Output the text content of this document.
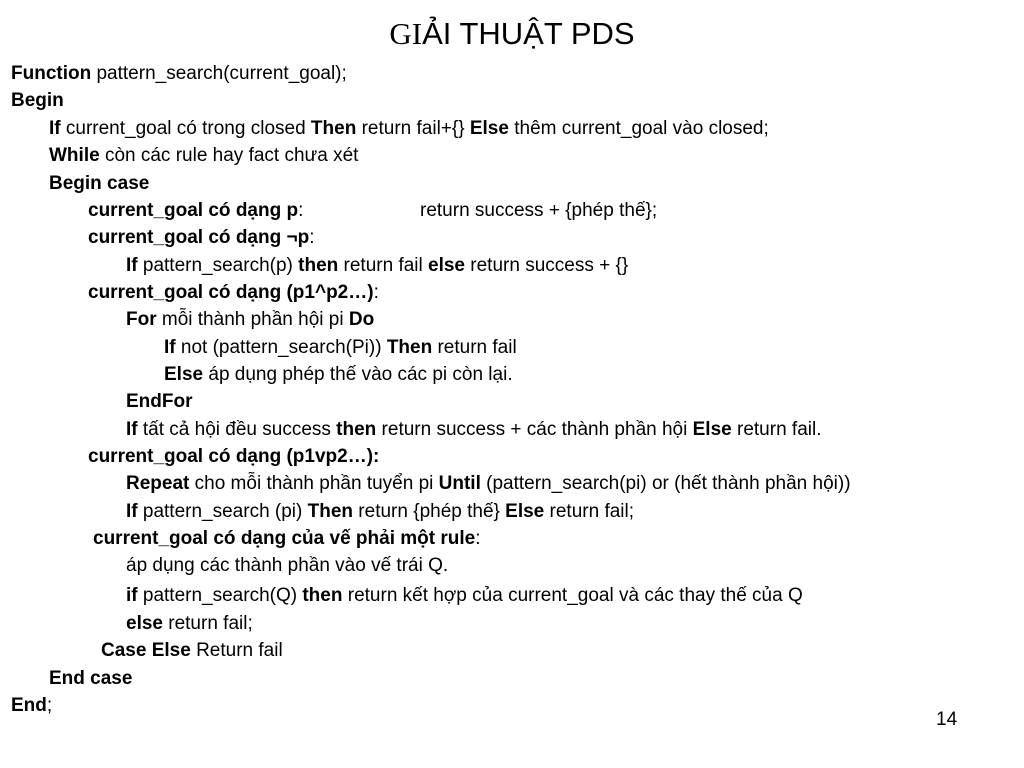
GIẢI THUẬT PDS
Function pattern_search(current_goal);
Begin
If current_goal có trong closed Then return fail+{} Else thêm current_goal vào closed;
While còn các rule hay fact chưa xét
Begin case
current_goal có dạng p:	return success + {phép thế};
current_goal có dạng ¬p:
If pattern_search(p) then return fail else return success + {}
current_goal có dạng (p1^p2…):
For mỗi thành phần hội pi Do
If not (pattern_search(Pi)) Then return fail
Else áp dụng phép thế vào các pi còn lại.
EndFor
If tất cả hội đều success then return success + các thành phần hội Else return fail.
current_goal có dạng (p1vp2…):
Repeat cho mỗi thành phần tuyển pi Until (pattern_search(pi) or (hết thành phần hội))
If pattern_search (pi) Then return {phép thế} Else return fail;
current_goal có dạng của vế phải một rule:
áp dụng các thành phần vào vế trái Q.
if pattern_search(Q) then return kết hợp của current_goal và các thay thế của Q
else return fail;
Case Else Return fail
End case
End;
14
